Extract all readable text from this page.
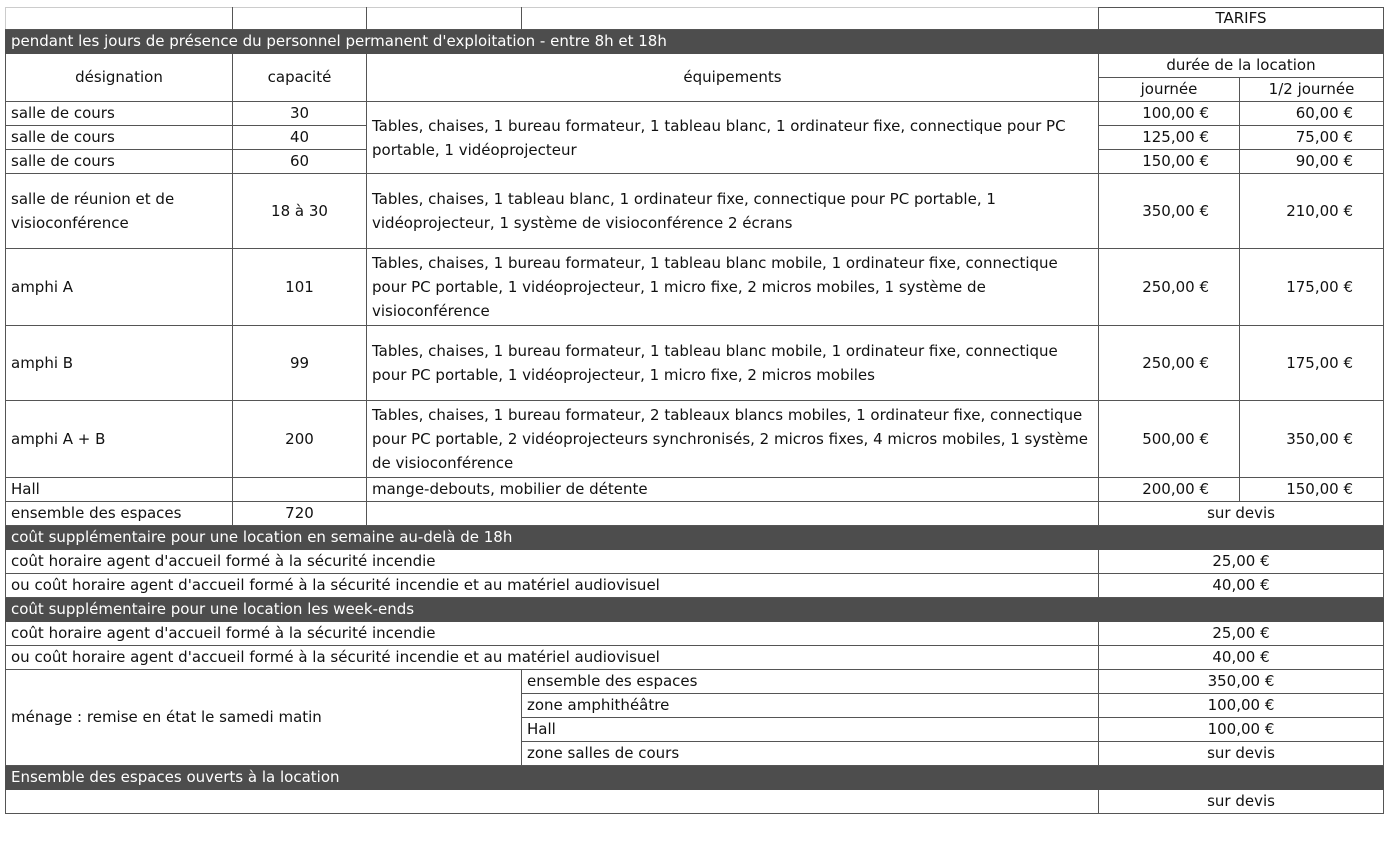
				TARIFS	
pendant les jours de présence du personnel permanent d'exploitation - entre 8h et 18h					
désignation	capacité	équipements		durée de la location	
				journée	1/2 journée
salle de cours	30	Tables, chaises, 1 bureau formateur, 1 tableau blanc, 1 ordinateur fixe, connectique pour PC portable, 1 vidéoprojecteur		100,00 €	60,00 €
salle de cours	40			125,00 €	75,00 €
salle de cours	60			150,00 €	90,00 €
salle de réunion et de visioconférence	18 à 30	Tables, chaises, 1 tableau blanc, 1 ordinateur fixe, connectique pour PC portable, 1 vidéoprojecteur, 1 système de visioconférence 2 écrans		350,00 €	210,00 €
amphi A	101	Tables, chaises, 1 bureau formateur, 1 tableau blanc mobile, 1 ordinateur fixe, connectique pour PC portable, 1 vidéoprojecteur, 1 micro fixe, 2 micros mobiles, 1 système de visioconférence		250,00 €	175,00 €
amphi B	99	Tables, chaises, 1 bureau formateur, 1 tableau blanc mobile, 1 ordinateur fixe, connectique pour PC portable, 1 vidéoprojecteur, 1 micro fixe, 2 micros mobiles		250,00 €	175,00 €
amphi A + B	200	Tables, chaises, 1 bureau formateur, 2 tableaux blancs mobiles, 1 ordinateur fixe, connectique pour PC portable, 2 vidéoprojecteurs synchronisés, 2 micros fixes, 4 micros mobiles, 1 système de visioconférence		500,00 €	350,00 €
Hall		mange-debouts, mobilier de détente		200,00 €	150,00 €
ensemble des espaces	720			sur devis	
coût supplémentaire pour une location en semaine au-delà de 18h					
coût horaire agent d'accueil formé à la sécurité incendie				25,00 €	
ou coût horaire agent d'accueil formé à la sécurité incendie et au matériel audiovisuel				40,00 €	
coût supplémentaire pour une location les week-ends					
coût horaire agent d'accueil formé à la sécurité incendie				25,00 €	
ou coût horaire agent d'accueil formé à la sécurité incendie et au matériel audiovisuel				40,00 €	
ménage : remise en état le samedi matin			ensemble des espaces	350,00 €	
			zone amphithéâtre	100,00 €	
			Hall	100,00 €	
			zone salles de cours	sur devis	
Ensemble des espaces ouverts à la location					
				sur devis	
